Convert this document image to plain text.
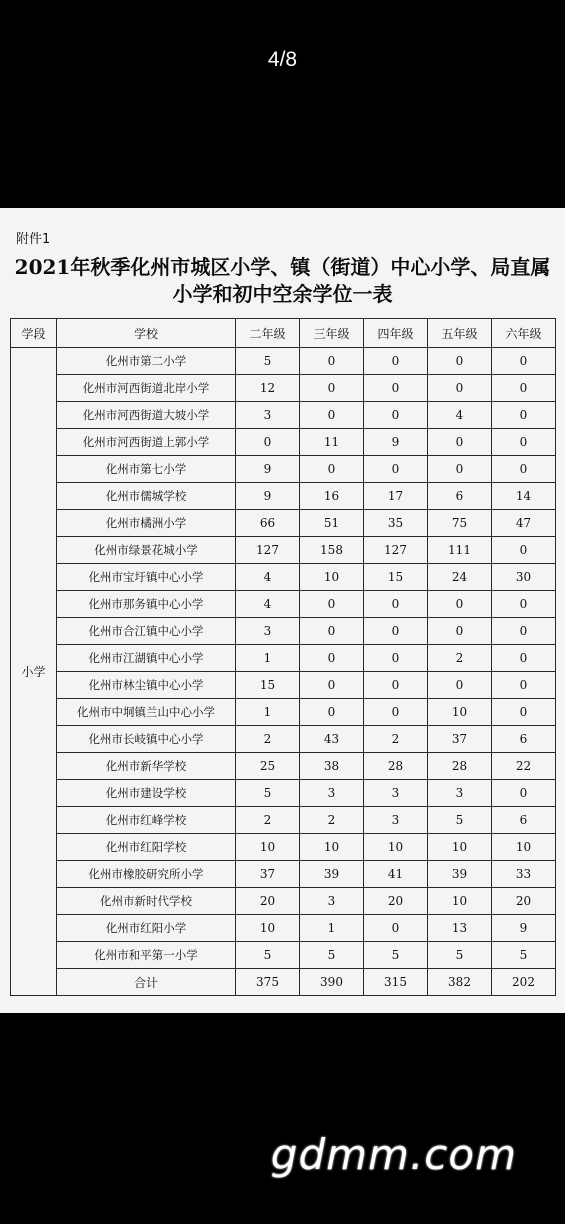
4/8
附件1
2021年秋季化州市城区小学、镇（街道）中心小学、局直属
小学和初中空余学位一表
学段	学校	二年级	三年级	四年级	五年级	六年级
小学	化州市第二小学	5	0	0	0	0
	化州市河西街道北岸小学	12	0	0	0	0
	化州市河西街道大坡小学	3	0	0	4	0
	化州市河西街道上郭小学	0	11	9	0	0
	化州市第七小学	9	0	0	0	0
	化州市儒城学校	9	16	17	6	14
	化州市橘洲小学	66	51	35	75	47
	化州市绿景花城小学	127	158	127	111	0
	化州市宝圩镇中心小学	4	10	15	24	30
	化州市那务镇中心小学	4	0	0	0	0
	化州市合江镇中心小学	3	0	0	0	0
	化州市江湖镇中心小学	1	0	0	2	0
	化州市林尘镇中心小学	15	0	0	0	0
	化州市中垌镇兰山中心小学	1	0	0	10	0
	化州市长岐镇中心小学	2	43	2	37	6
	化州市新华学校	25	38	28	28	22
	化州市建设学校	5	3	3	3	0
	化州市红峰学校	2	2	3	5	6
	化州市红阳学校	10	10	10	10	10
	化州市橡胶研究所小学	37	39	41	39	33
	化州市新时代学校	20	3	20	10	20
	化州市红阳小学	10	1	0	13	9
	化州市和平第一小学	5	5	5	5	5
	合计	375	390	315	382	202
gdmm.com
